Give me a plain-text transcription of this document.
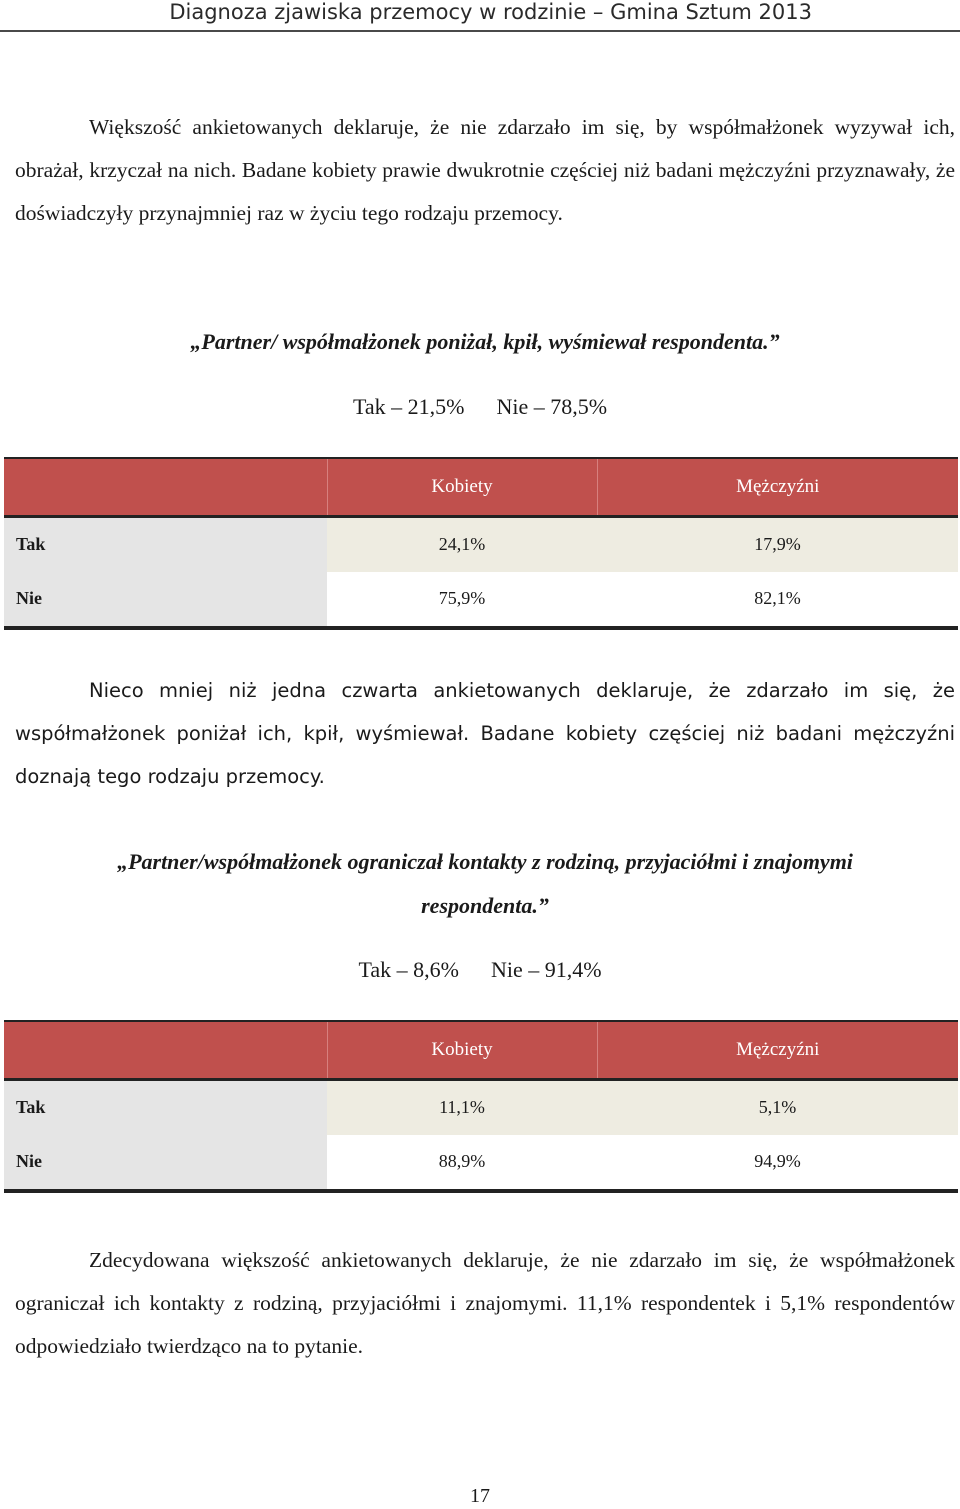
Diagnoza zjawiska przemocy w rodzinie – Gmina Sztum 2013

Większość ankietowanych deklaruje, że nie zdarzało im się, by współmałżonek wyzywał ich, obrażał, krzyczał na nich. Badane kobiety prawie dwukrotnie częściej niż badani mężczyźni przyznawały, że doświadczyły przynajmniej raz w życiu tego rodzaju przemocy.

„Partner/ współmałżonek poniżał, kpił, wyśmiewał respondenta.”

Tak – 21,5% Nie – 78,5%
	Kobiety	Mężczyźni
Tak	24,1%	17,9%
Nie	75,9%	82,1%

Nieco mniej niż jedna czwarta ankietowanych deklaruje, że zdarzało im się, że współmałżonek poniżał ich, kpił, wyśmiewał. Badane kobiety częściej niż badani mężczyźni doznają tego rodzaju przemocy.

„Partner/współmałżonek ograniczał kontakty z rodziną, przyjaciółmi i znajomymi respondenta.”

Tak – 8,6% Nie – 91,4%
	Kobiety	Mężczyźni
Tak	11,1%	5,1%
Nie	88,9%	94,9%

Zdecydowana większość ankietowanych deklaruje, że nie zdarzało im się, że współmałżonek ograniczał ich kontakty z rodziną, przyjaciółmi i znajomymi. 11,1% respondentek i 5,1% respondentów odpowiedziało twierdząco na to pytanie.

17
